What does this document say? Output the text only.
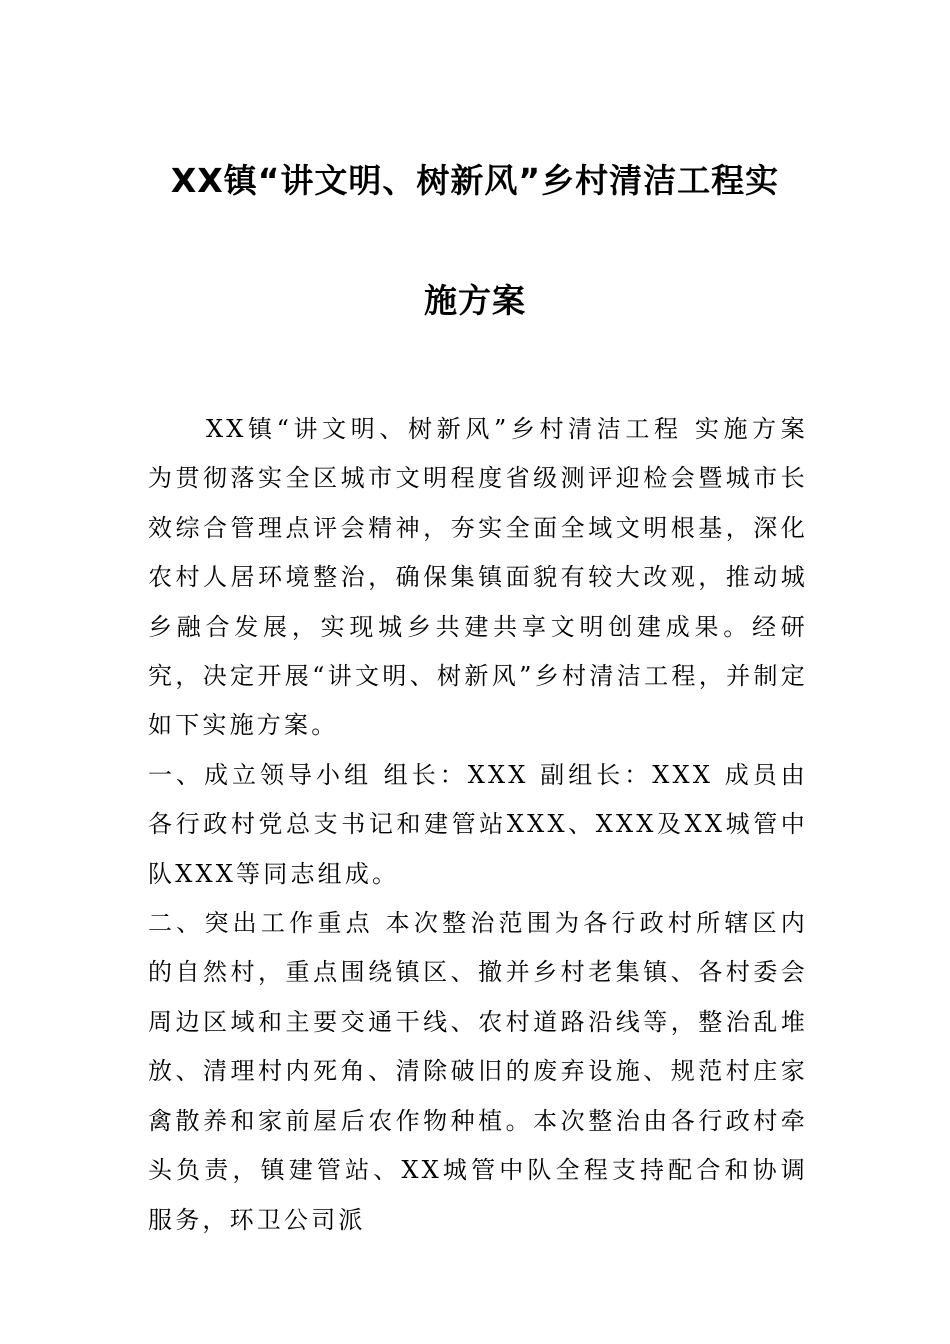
XX镇“讲文明、树新风”乡村清洁工程实
施方案

XX镇“讲文明、树新风”乡村清洁工程 实施方案 为贯彻落实全区城市文明程度省级测评迎检会暨城市长效综合管理点评会精神，夯实全面全域文明根基，深化农村人居环境整治，确保集镇面貌有较大改观，推动城乡融合发展，实现城乡共建共享文明创建成果。经研究，决定开展“讲文明、树新风”乡村清洁工程，并制定如下实施方案。

一、成立领导小组 组长：XXX 副组长：XXX 成员由各行政村党总支书记和建管站XXX、XXX及XX城管中队XXX等同志组成。

二、突出工作重点 本次整治范围为各行政村所辖区内的自然村，重点围绕镇区、撤并乡村老集镇、各村委会周边区域和主要交通干线、农村道路沿线等，整治乱堆放、清理村内死角、清除破旧的废弃设施、规范村庄家禽散养和家前屋后农作物种植。本次整治由各行政村牵头负责，镇建管站、XX城管中队全程支持配合和协调服务，环卫公司派
